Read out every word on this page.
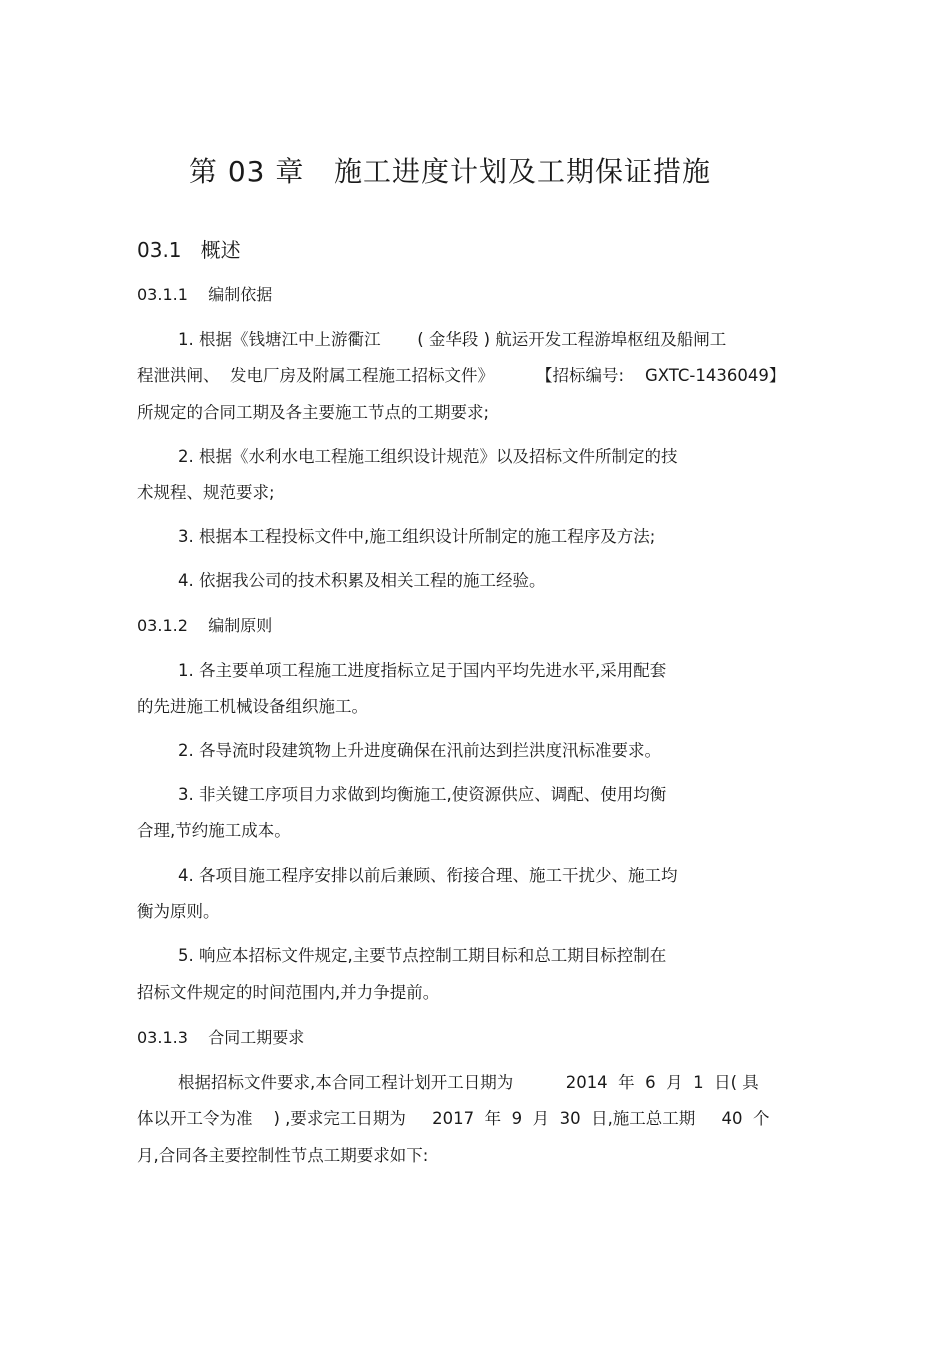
第 03 章   施工进度计划及工期保证措施
03.1   概述
03.1.1    编制依据
1. 根据《钱塘江中上游衢江       ( 金华段 ) 航运开发工程游埠枢纽及船闸工
程泄洪闸、  发电厂房及附属工程施工招标文件》        【招标编号:    GXTC-1436049】
所规定的合同工期及各主要施工节点的工期要求;
2. 根据《水利水电工程施工组织设计规范》以及招标文件所制定的技
术规程、规范要求;
3. 根据本工程投标文件中,施工组织设计所制定的施工程序及方法;
4. 依据我公司的技术积累及相关工程的施工经验。
03.1.2    编制原则
1. 各主要单项工程施工进度指标立足于国内平均先进水平,采用配套
的先进施工机械设备组织施工。
2. 各导流时段建筑物上升进度确保在汛前达到拦洪度汛标准要求。
3. 非关键工序项目力求做到均衡施工,使资源供应、调配、使用均衡
合理,节约施工成本。
4. 各项目施工程序安排以前后兼顾、衔接合理、施工干扰少、施工均
衡为原则。
5. 响应本招标文件规定,主要节点控制工期目标和总工期目标控制在
招标文件规定的时间范围内,并力争提前。
03.1.3    合同工期要求
根据招标文件要求,本合同工程计划开工日期为          2014  年  6  月  1  日( 具
体以开工令为准    ) ,要求完工日期为     2017  年  9  月  30  日,施工总工期     40  个
月,合同各主要控制性节点工期要求如下:
